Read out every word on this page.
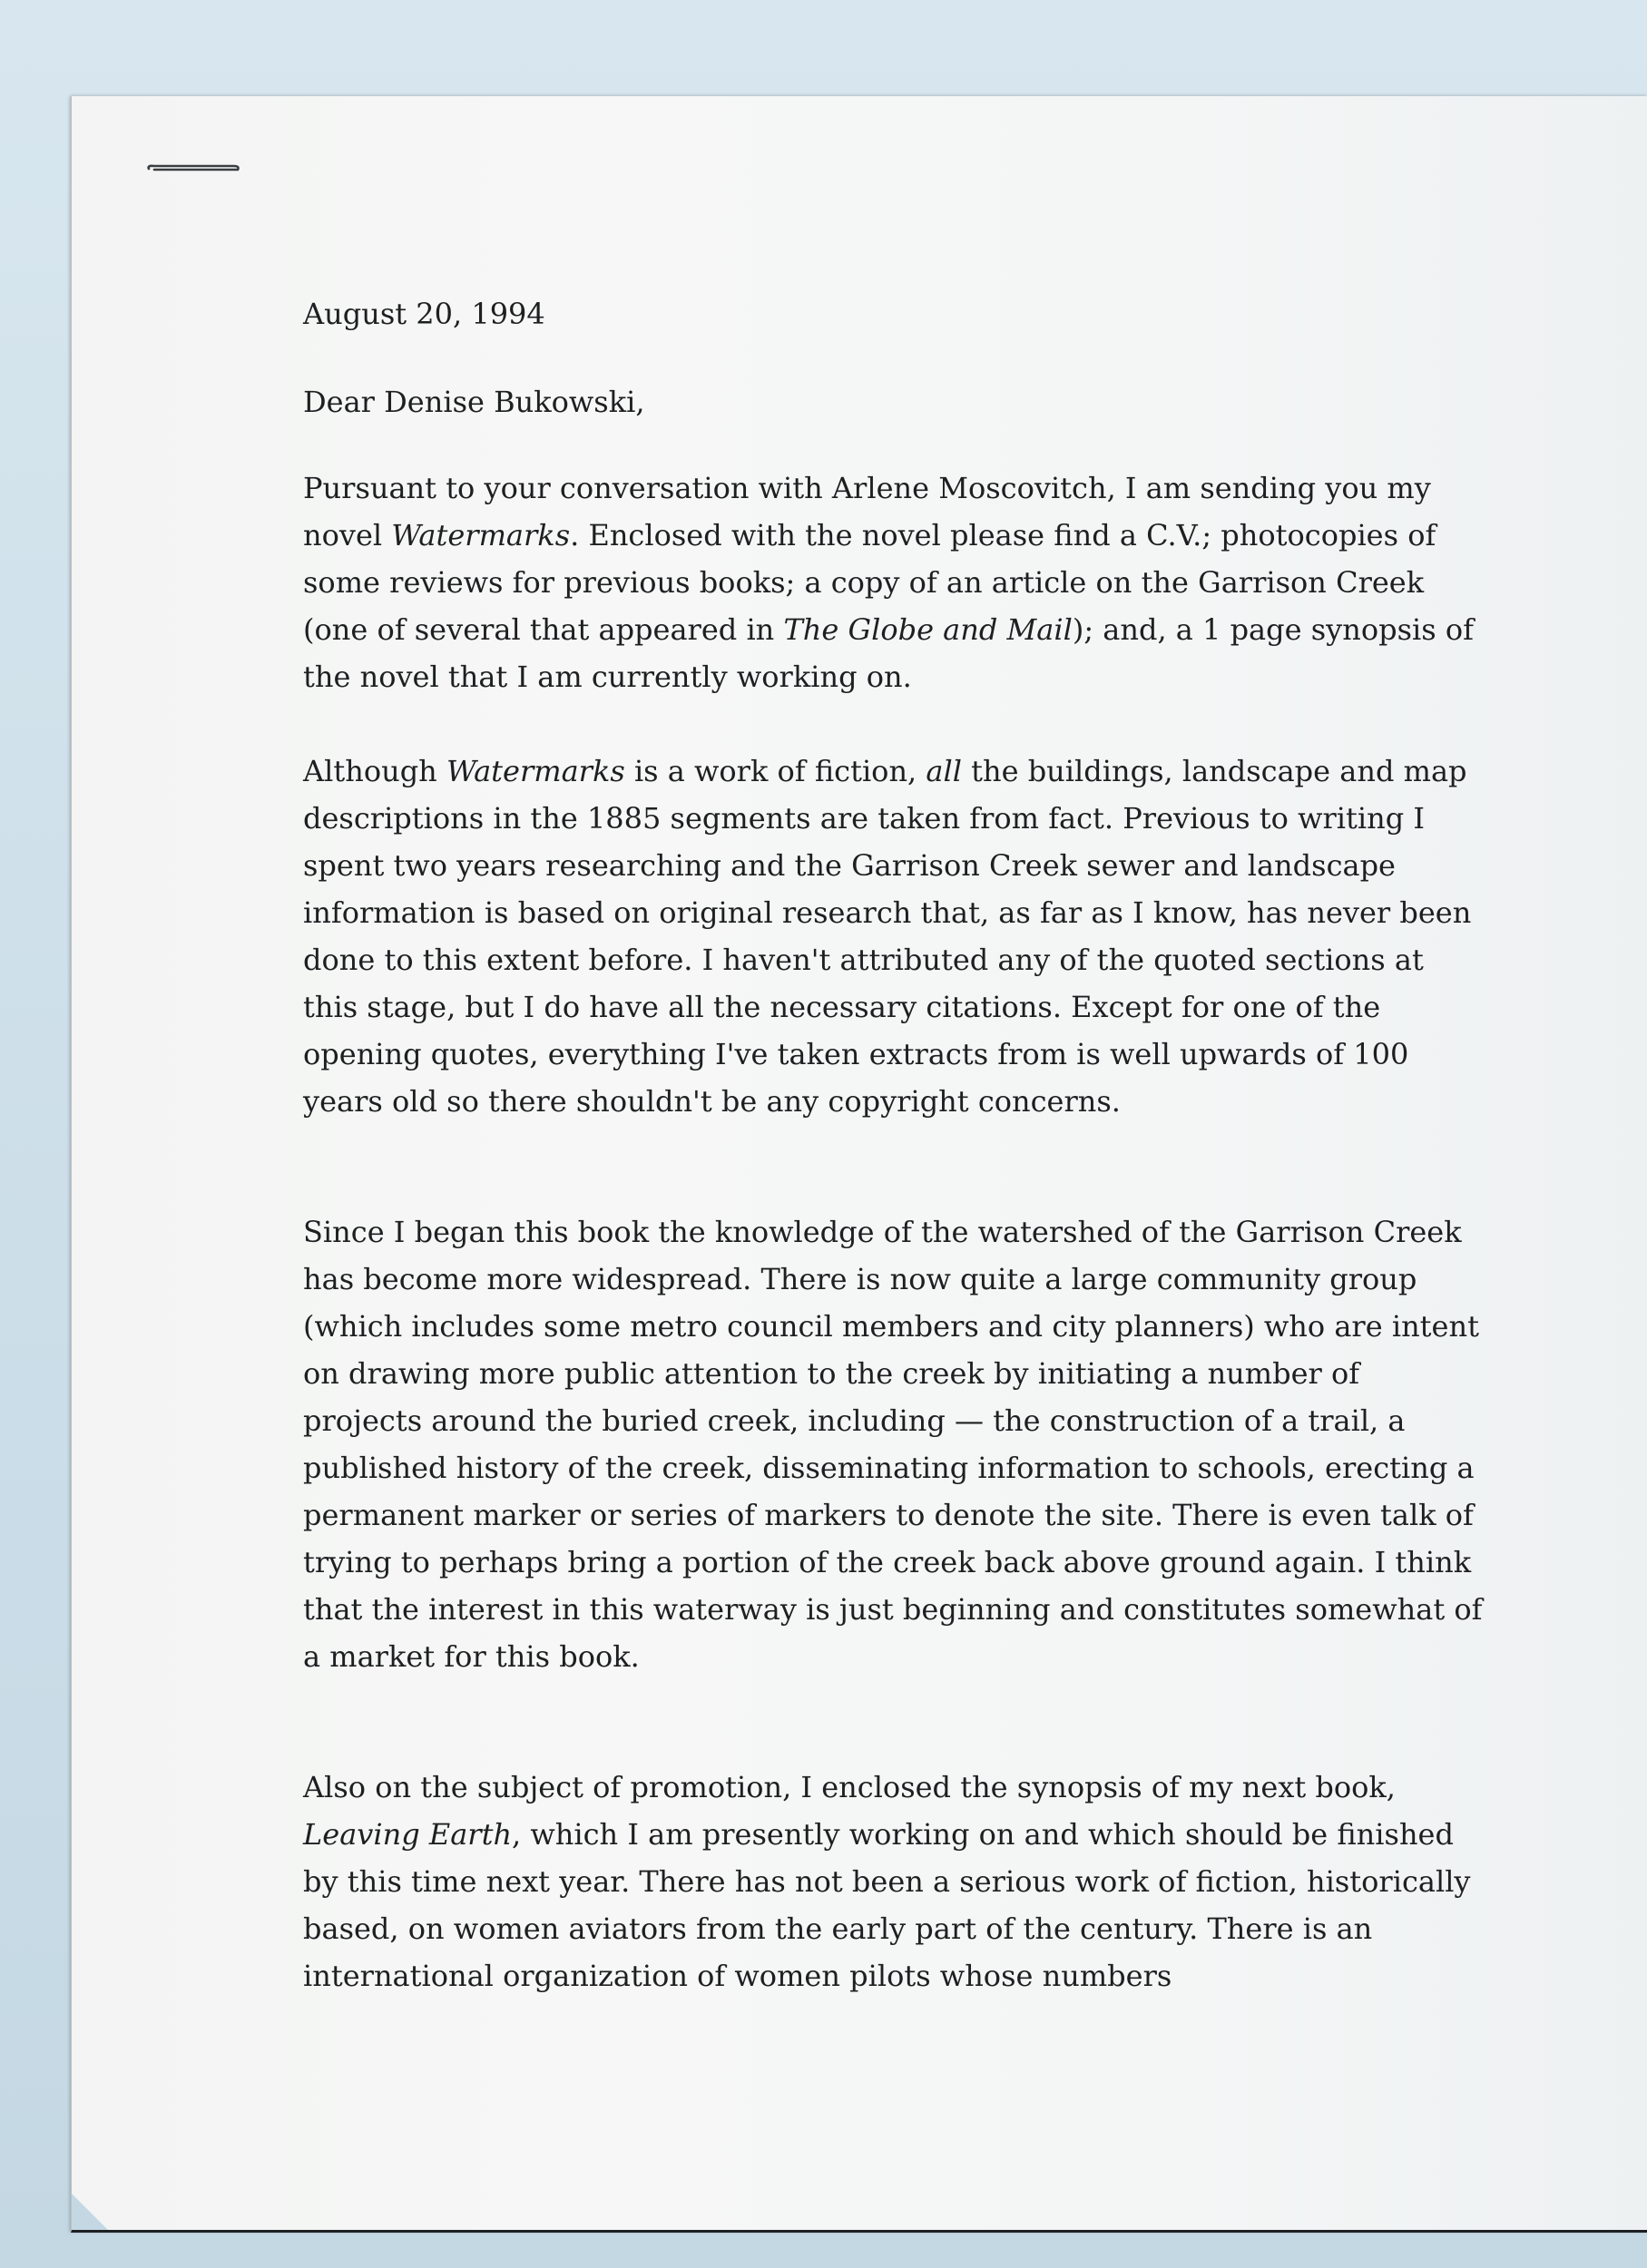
August 20, 1994

Dear Denise Bukowski,

Pursuant to your conversation with Arlene Moscovitch, I am sending you my novel Watermarks. Enclosed with the novel please find a C.V.; photocopies of some reviews for previous books; a copy of an article on the Garrison Creek (one of several that appeared in The Globe and Mail); and, a 1 page synopsis of the novel that I am currently working on.

Although Watermarks is a work of fiction, all the buildings, landscape and map descriptions in the 1885 segments are taken from fact. Previous to writing I spent two years researching and the Garrison Creek sewer and landscape information is based on original research that, as far as I know, has never been done to this extent before. I haven't attributed any of the quoted sections at this stage, but I do have all the necessary citations. Except for one of the opening quotes, everything I've taken extracts from is well upwards of 100 years old so there shouldn't be any copyright concerns.

Since I began this book the knowledge of the watershed of the Garrison Creek has become more widespread. There is now quite a large community group (which includes some metro council members and city planners) who are intent on drawing more public attention to the creek by initiating a number of projects around the buried creek, including — the construction of a trail, a published history of the creek, disseminating information to schools, erecting a permanent marker or series of markers to denote the site. There is even talk of trying to perhaps bring a portion of the creek back above ground again. I think that the interest in this waterway is just beginning and constitutes somewhat of a market for this book.

Also on the subject of promotion, I enclosed the synopsis of my next book, Leaving Earth, which I am presently working on and which should be finished by this time next year. There has not been a serious work of fiction, historically based, on women aviators from the early part of the century. There is an international organization of women pilots whose numbers
